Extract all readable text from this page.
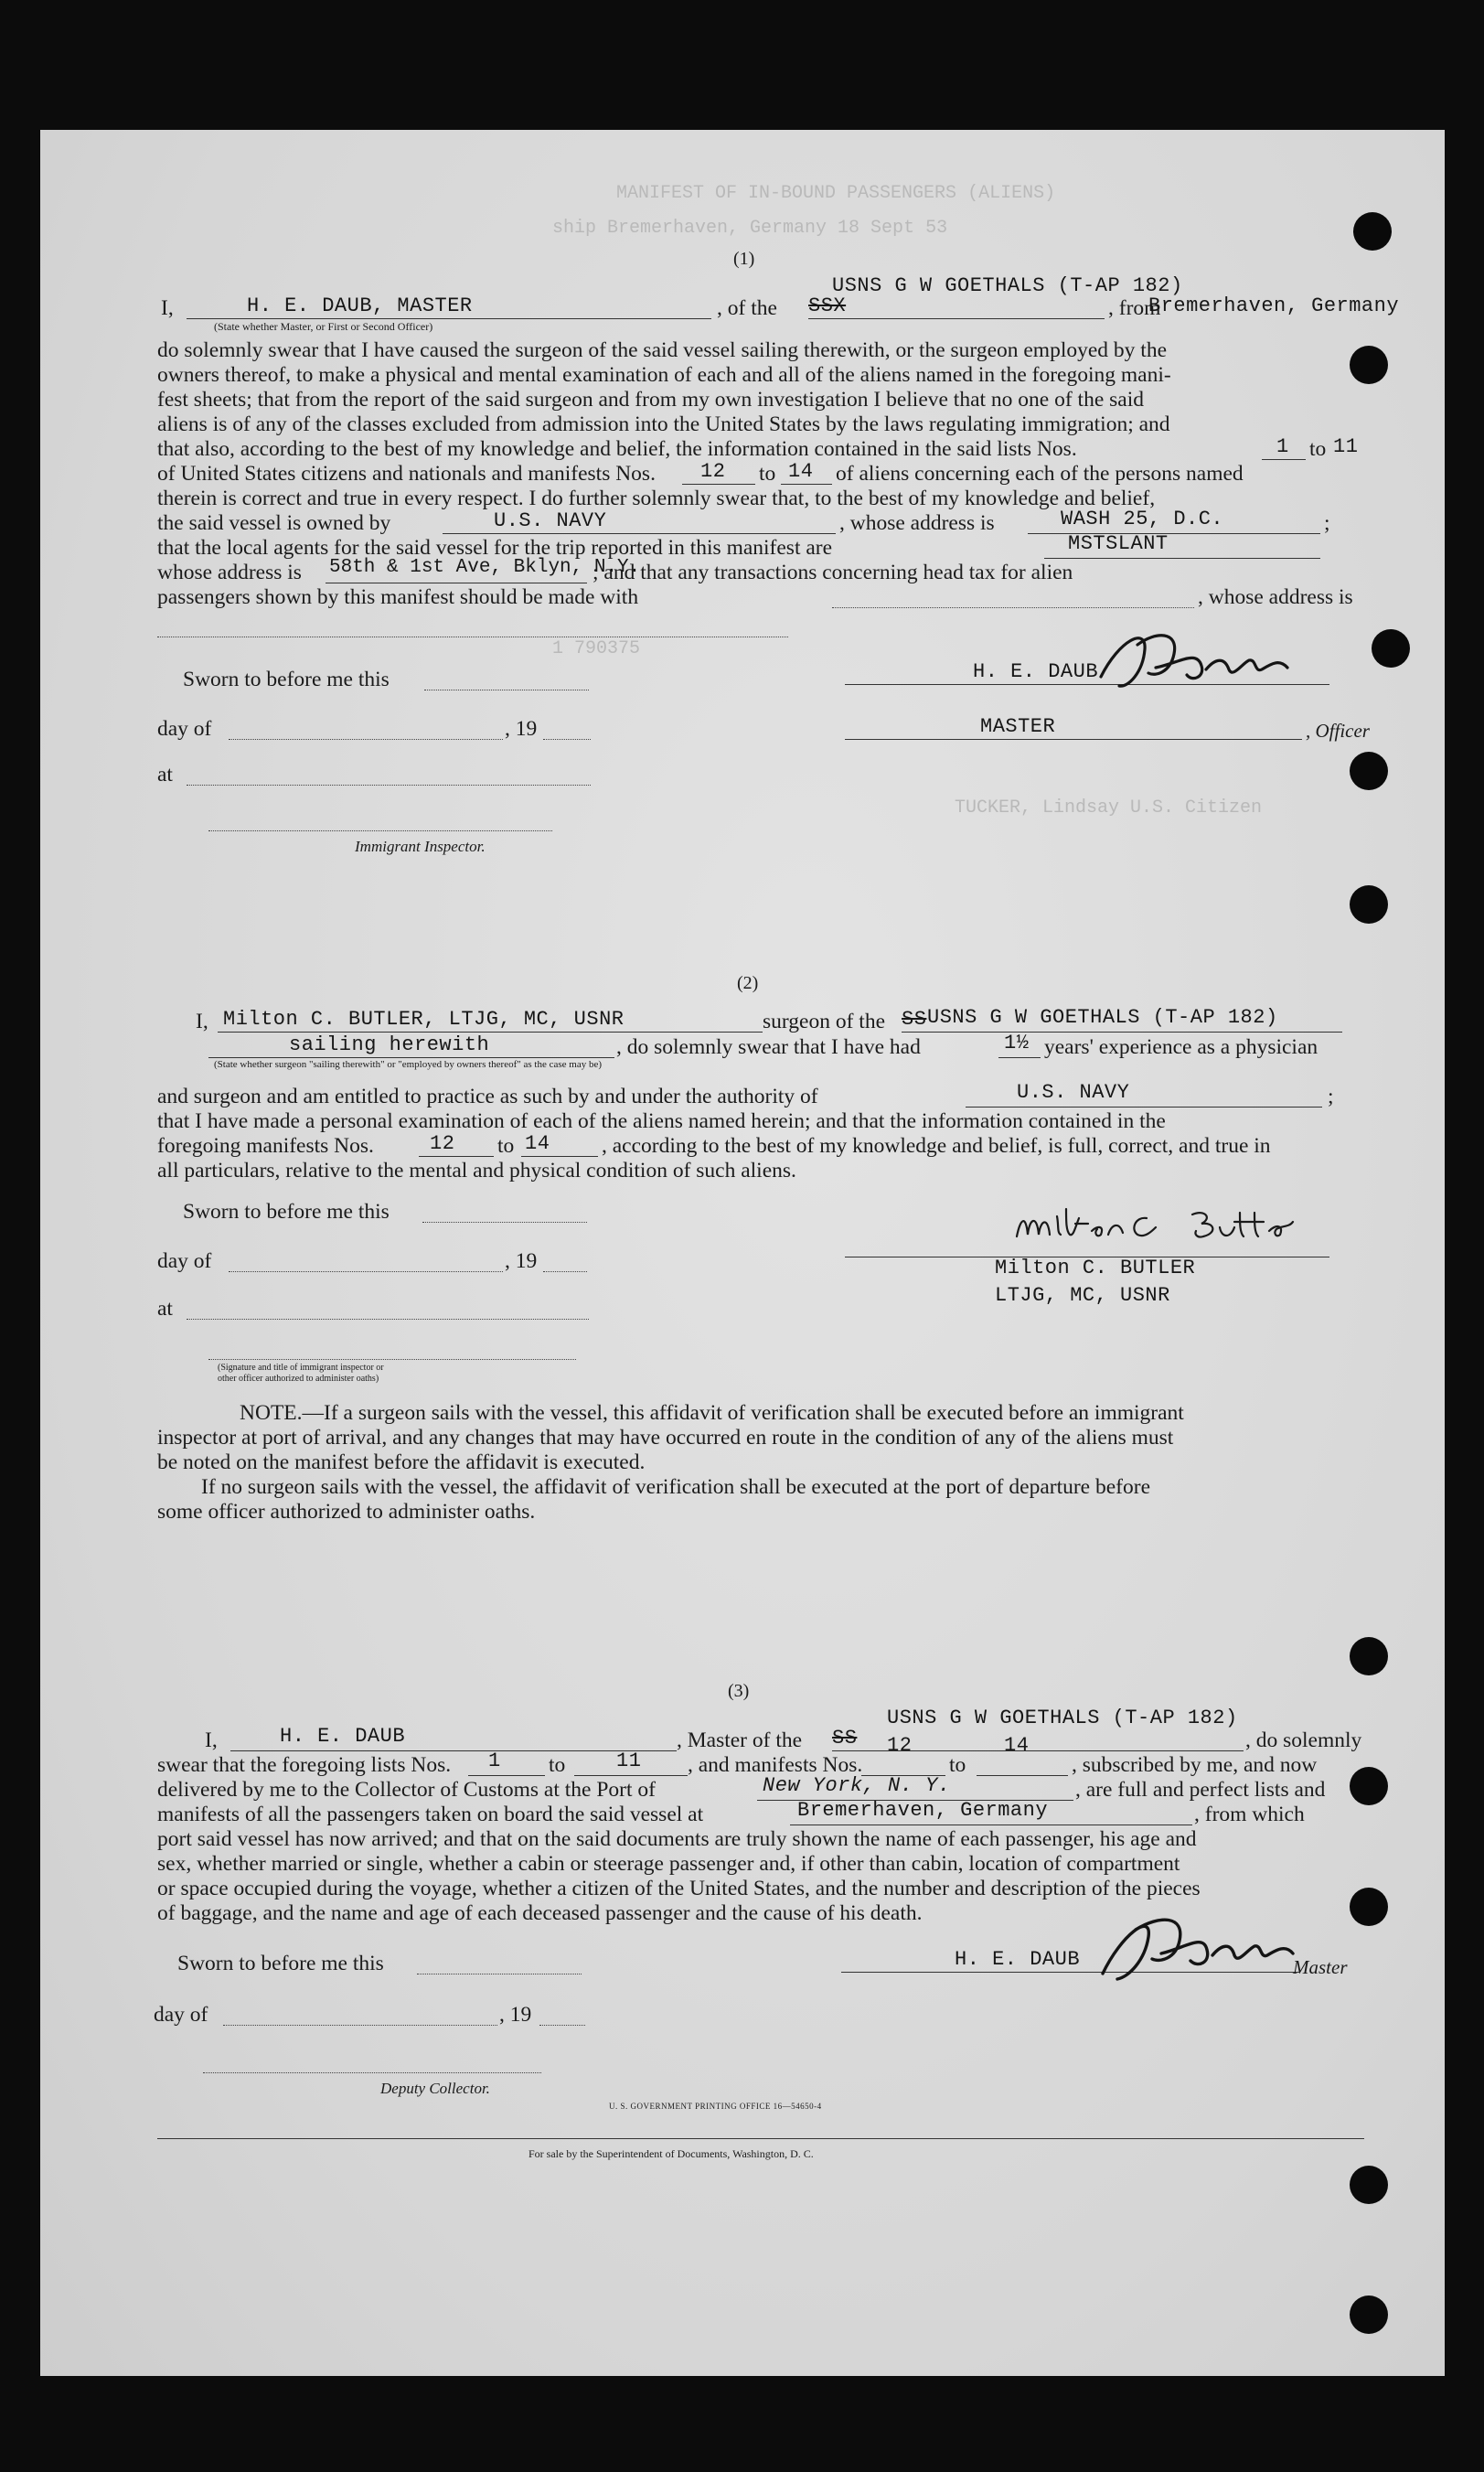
MANIFEST OF IN-BOUND PASSENGERS (ALIENS)
ship Bremerhaven, Germany 18 Sept 53
1 790375
TUCKER, Lindsay U.S. Citizen
(1)
I,	H. E. DAUB, MASTER	, of the SSX
USNS G W GOETHALS (T-AP 182)
, from
Bremerhaven, Germany
(State whether Master, or First or Second Officer)
do solemnly swear that I have caused the surgeon of the said vessel sailing therewith, or the surgeon employed by the
owners thereof, to make a physical and mental examination of each and all of the aliens named in the foregoing mani-
fest sheets; that from the report of the said surgeon and from my own investigation I believe that no one of the said
aliens is of any of the classes excluded from admission into the United States by the laws regulating immigration; and
that also, according to the best of my knowledge and belief, the information contained in the said lists Nos.	1 to 11
of United States citizens and nationals and manifests Nos. 12 to 14 of aliens concerning each of the persons named
therein is correct and true in every respect. I do further solemnly swear that, to the best of my knowledge and belief,
the said vessel is owned by	U.S. NAVY	, whose address is	WASH 25, D.C.	;
that the local agents for the said vessel for the trip reported in this manifest are	MSTSLANT
whose address is 58th & 1st Ave, Bklyn, N.Y.
; and that any transactions concerning head tax for alien
passengers shown by this manifest should be made with	, whose address is
Sworn to before me this
day of	, 19
at
Immigrant Inspector.
H. E. DAUB
MASTER	, Officer
(2)
I, Milton C. BUTLER, LTJG, MC, USNR	surgeon of the SS USNS G W GOETHALS (T-AP 182)
sailing herewith	, do solemnly swear that I have had	1½ years' experience as a physician
(State whether surgeon "sailing therewith" or "employed by owners thereof" as the case may be)
and surgeon and am entitled to practice as such by and under the authority of	U.S. NAVY	;
that I have made a personal examination of each of the aliens named herein; and that the information contained in the
foregoing manifests Nos.	12 to 14 , according to the best of my knowledge and belief, is full, correct, and true in
all particulars, relative to the mental and physical condition of such aliens.
Sworn to before me this
day of	, 19
at
(Signature and title of immigrant inspector or
other officer authorized to administer oaths)
Milton C. BUTLER
LTJG, MC, USNR
NOTE.—If a surgeon sails with the vessel, this affidavit of verification shall be executed before an immigrant
inspector at port of arrival, and any changes that may have occurred en route in the condition of any of the aliens must
be noted on the manifest before the affidavit is executed.
If no surgeon sails with the vessel, the affidavit of verification shall be executed at the port of departure before
some officer authorized to administer oaths.
(3)
I,	H. E. DAUB	, Master of the SS
USNS G W GOETHALS (T-AP 182)
, do solemnly
swear that the foregoing lists Nos. 1 to	11 , and manifests Nos.
12
to
14
, subscribed by me, and now
delivered by me to the Collector of Customs at the Port of	New York, N. Y.	, are full and perfect lists and
manifests of all the passengers taken on board the said vessel at	Bremerhaven, Germany	, from which
port said vessel has now arrived; and that on the said documents are truly shown the name of each passenger, his age and
sex, whether married or single, whether a cabin or steerage passenger and, if other than cabin, location of compartment
or space occupied during the voyage, whether a citizen of the United States, and the number and description of the pieces
of baggage, and the name and age of each deceased passenger and the cause of his death.
Sworn to before me this	H. E. DAUB	Master
day of	, 19
Deputy Collector.
U. S. GOVERNMENT PRINTING OFFICE 16—54650-4
For sale by the Superintendent of Documents, Washington, D. C.
